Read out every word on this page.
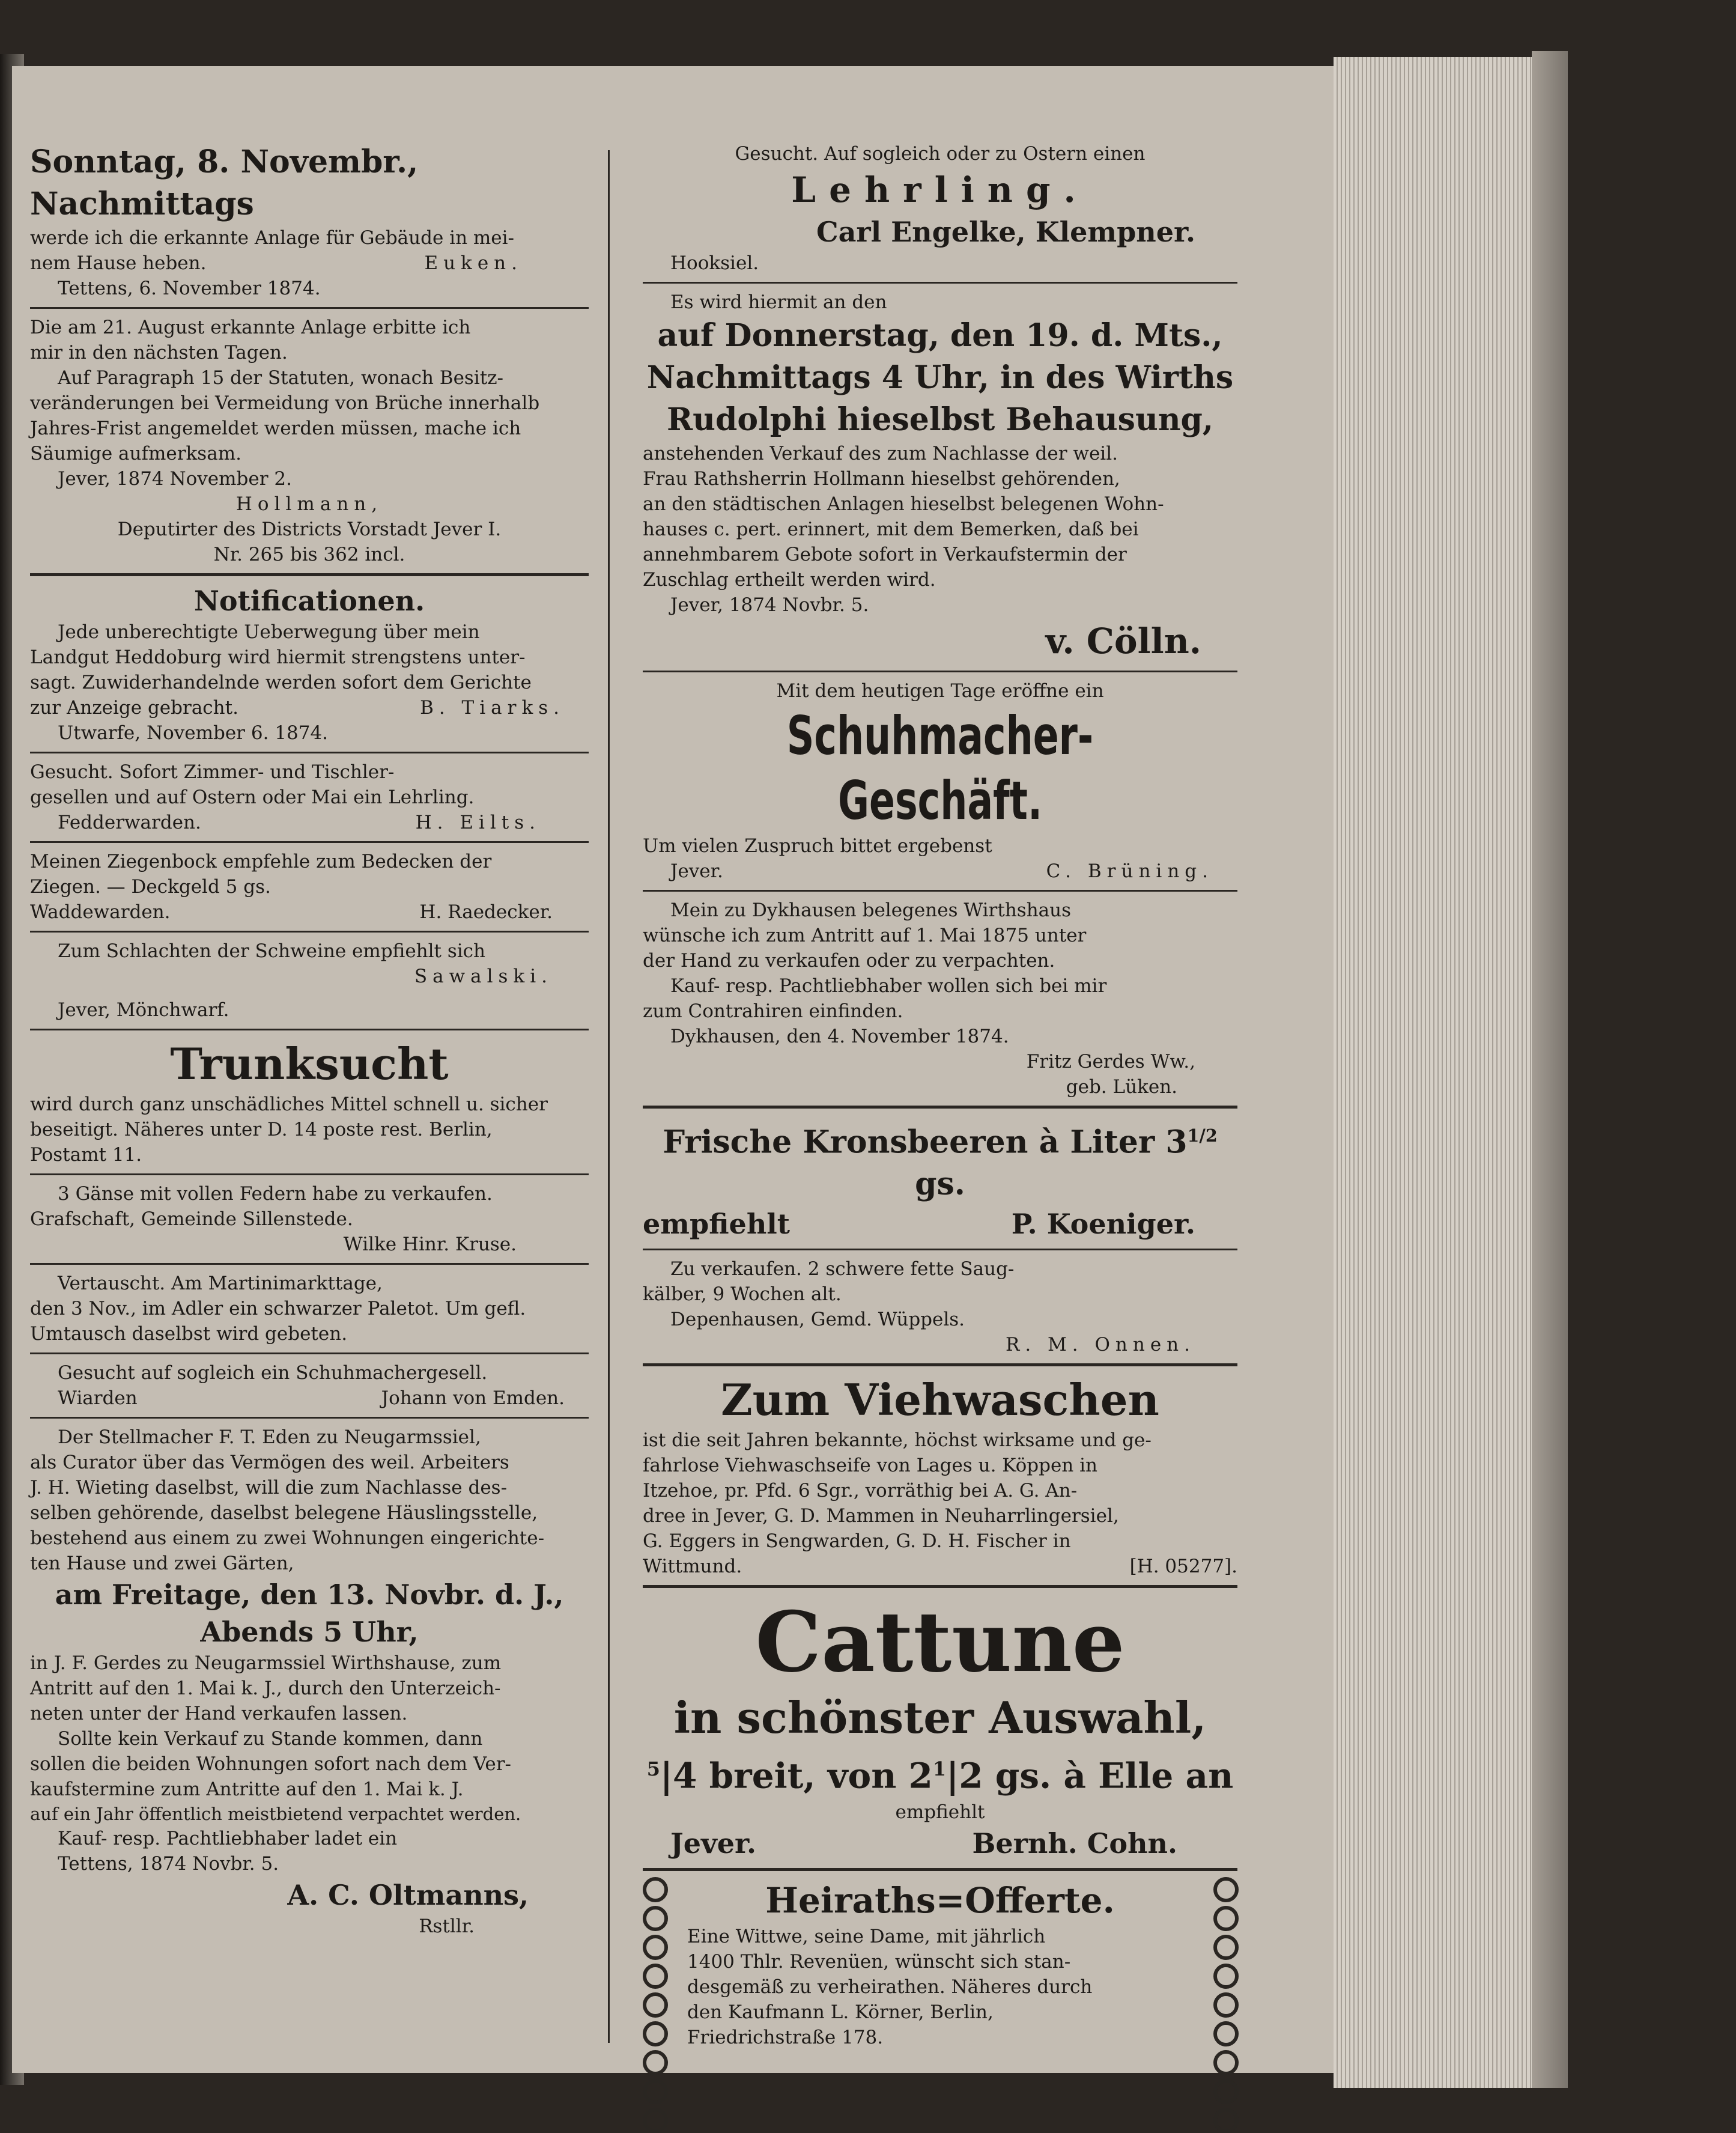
Sonntag, 8. Novembr., Nachmittags
werde ich die erkannte Anlage für Gebäude in mei-
nem Hause heben.	Euken.
Tettens, 6. November 1874.
Die am 21. August erkannte Anlage erbitte ich
mir in den nächsten Tagen.
Auf Paragraph 15 der Statuten, wonach Besitz-
veränderungen bei Vermeidung von Brüche innerhalb
Jahres-Frist angemeldet werden müssen, mache ich
Säumige aufmerksam.
Jever, 1874 November 2.
Hollmann,
Deputirter des Districts Vorstadt Jever I.
Nr. 265 bis 362 incl.
Notificationen.
Jede unberechtigte Ueberwegung über mein
Landgut Heddoburg wird hiermit strengstens unter-
sagt. Zuwiderhandelnde werden sofort dem Gerichte
zur Anzeige gebracht.	B. Tiarks.
Utwarfe, November 6. 1874.
Gesucht. Sofort Zimmer- und Tischler-
gesellen und auf Ostern oder Mai ein Lehrling.
Fedderwarden.	H. Eilts.
Meinen Ziegenbock empfehle zum Bedecken der
Ziegen. — Deckgeld 5 gs.
Waddewarden.	H. Raedecker.
Zum Schlachten der Schweine empfiehlt sich
Sawalski.
Jever, Mönchwarf.
Trunksucht
wird durch ganz unschädliches Mittel schnell u. sicher
beseitigt. Näheres unter D. 14 poste rest. Berlin,
Postamt 11.
3 Gänse mit vollen Federn habe zu verkaufen.
Grafschaft, Gemeinde Sillenstede.
Wilke Hinr. Kruse.
Vertauscht. Am Martinimarkttage,
den 3 Nov., im Adler ein schwarzer Paletot. Um gefl.
Umtausch daselbst wird gebeten.
Gesucht auf sogleich ein Schuhmachergesell.
Wiarden	Johann von Emden.
Der Stellmacher F. T. Eden zu Neugarmssiel,
als Curator über das Vermögen des weil. Arbeiters
J. H. Wieting daselbst, will die zum Nachlasse des-
selben gehörende, daselbst belegene Häuslingsstelle,
bestehend aus einem zu zwei Wohnungen eingerichte-
ten Hause und zwei Gärten,
am Freitage, den 13. Novbr. d. J.,
Abends 5 Uhr,
in J. F. Gerdes zu Neugarmssiel Wirthshause, zum
Antritt auf den 1. Mai k. J., durch den Unterzeich-
neten unter der Hand verkaufen lassen.
Sollte kein Verkauf zu Stande kommen, dann
sollen die beiden Wohnungen sofort nach dem Ver-
kaufstermine zum Antritte auf den 1. Mai k. J.
auf ein Jahr öffentlich meistbietend verpachtet werden.
Kauf- resp. Pachtliebhaber ladet ein
Tettens, 1874 Novbr. 5.
A. C. Oltmanns,
Rstllr.
Gesucht. Auf sogleich oder zu Ostern einen
Lehrling.
Carl Engelke, Klempner.
Hooksiel.
Es wird hiermit an den
auf Donnerstag, den 19. d. Mts.,
Nachmittags 4 Uhr, in des Wirths
Rudolphi hieselbst Behausung,
anstehenden Verkauf des zum Nachlasse der weil.
Frau Rathsherrin Hollmann hieselbst gehörenden,
an den städtischen Anlagen hieselbst belegenen Wohn-
hauses c. pert. erinnert, mit dem Bemerken, daß bei
annehmbarem Gebote sofort in Verkaufstermin der
Zuschlag ertheilt werden wird.
Jever, 1874 Novbr. 5.
v. Cölln.
Mit dem heutigen Tage eröffne ein
Schuhmacher-Geschäft.
Um vielen Zuspruch bittet ergebenst
Jever.	C. Brüning.
Mein zu Dykhausen belegenes Wirthshaus
wünsche ich zum Antritt auf 1. Mai 1875 unter
der Hand zu verkaufen oder zu verpachten.
Kauf- resp. Pachtliebhaber wollen sich bei mir
zum Contrahiren einfinden.
Dykhausen, den 4. November 1874.
Fritz Gerdes Ww.,
geb. Lüken.
Frische Kronsbeeren à Liter $3^{1/2}$ gs.
empfiehlt	P. Koeniger.
Zu verkaufen. 2 schwere fette Saug-
kälber, 9 Wochen alt.
Depenhausen, Gemd. Wüppels.
R. M. Onnen.
Zum Viehwaschen
ist die seit Jahren bekannte, höchst wirksame und ge-
fahrlose Viehwaschseife von Lages u. Köppen in
Itzehoe, pr. Pfd. 6 Sgr., vorräthig bei A. G. An-
dree in Jever, G. D. Mammen in Neuharrlingersiel,
G. Eggers in Sengwarden, G. D. H. Fischer in
Wittmund.	[H. 05277].
Cattune
in schönster Auswahl,
$^5$|4 breit, von $2^1|2$ gs. à Elle an
empfiehlt
Jever.	Bernh. Cohn.
Heiraths=Offerte.
Eine Wittwe, seine Dame, mit jährlich
1400 Thlr. Revenüen, wünscht sich stan-
desgemäß zu verheirathen. Näheres durch
den Kaufmann L. Körner, Berlin,
Friedrichstraße 178.
